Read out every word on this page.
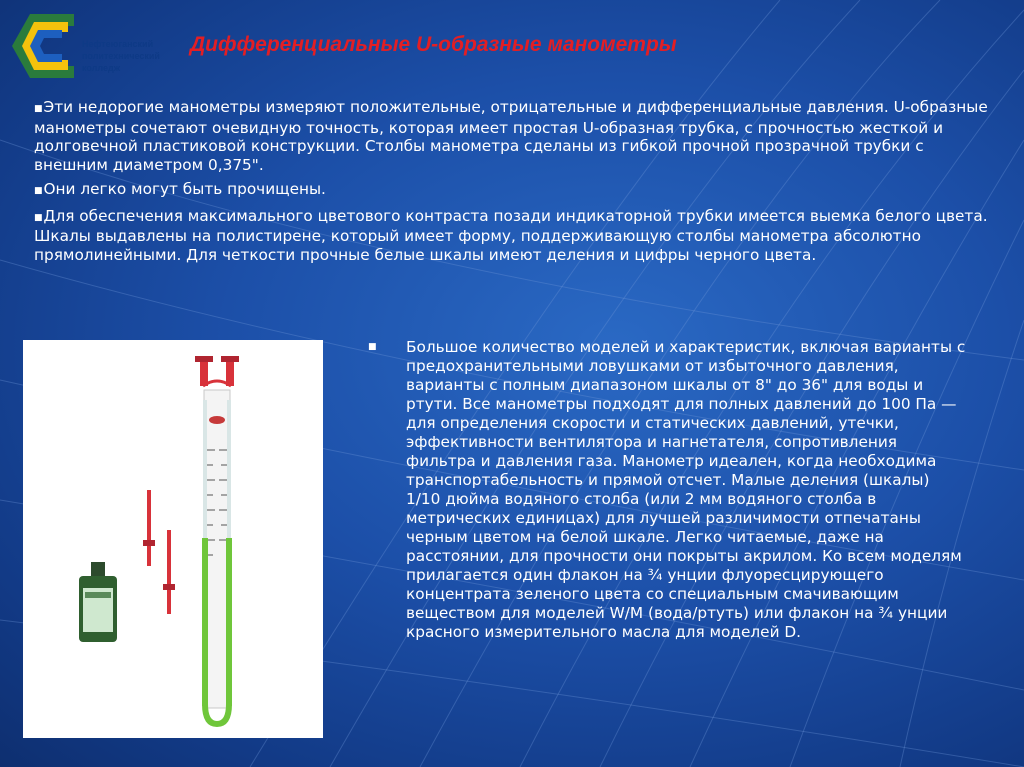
Нефтеюганский
политехнический
колледж
Дифференциальные U-образные манометры

■Эти недорогие манометры измеряют положительные, отрицательные и дифференциальные давления. U-образные манометры сочетают очевидную точность, которая имеет простая U-образная трубка, с прочностью жесткой и долговечной пластиковой конструкции. Столбы манометра сделаны из гибкой прочной прозрачной трубки с внешним диаметром 0,375".

■Они легко могут быть прочищены.

■Для обеспечения максимального цветового контраста позади индикаторной трубки имеется выемка белого цвета. Шкалы выдавлены на полистирене, который имеет форму, поддерживающую столбы манометра абсолютно прямолинейными. Для четкости прочные белые шкалы имеют деления и цифры черного цвета.

■ Большое количество моделей и характеристик, включая варианты с предохранительными ловушками от избыточного давления, варианты с полным диапазоном шкалы от 8" до 36" для воды и ртути. Все манометры подходят для полных давлений до 100 Па — для определения скорости и статических давлений, утечки, эффективности вентилятора и нагнетателя, сопротивления фильтра и давления газа. Манометр идеален, когда необходима транспортабельность и прямой отсчет. Малые деления (шкалы) 1/10 дюйма водяного столба (или 2 мм водяного столба в метрических единицах) для лучшей различимости отпечатаны черным цветом на белой шкале. Легко читаемые, даже на расстоянии, для прочности они покрыты акрилом. Ко всем моделям прилагается один флакон на ¾ унции флуоресцирующего концентрата зеленого цвета со специальным смачивающим веществом для моделей W/M (вода/ртуть) или флакон на ¾ унции красного измерительного масла для моделей D.
